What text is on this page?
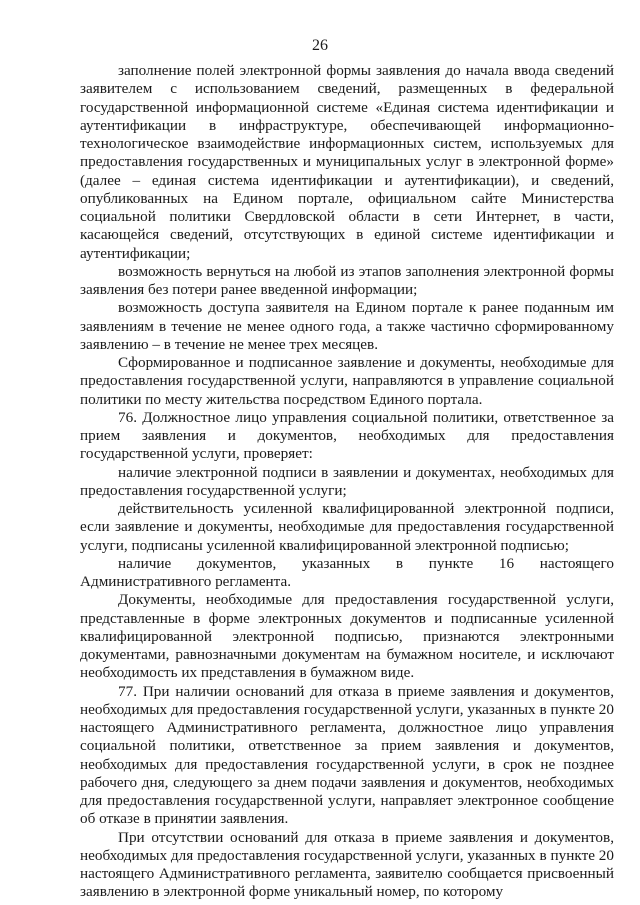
26

заполнение полей электронной формы заявления до начала ввода сведений заявителем с использованием сведений, размещенных в федеральной государственной информационной системе «Единая система идентификации и аутентификации в инфраструктуре, обеспечивающей информационно-технологическое взаимодействие информационных систем, используемых для предоставления государственных и муниципальных услуг в электронной форме» (далее – единая система идентификации и аутентификации), и сведений, опубликованных на Едином портале, официальном сайте Министерства социальной политики Свердловской области в сети Интернет, в части, касающейся сведений, отсутствующих в единой системе идентификации и аутентификации;

возможность вернуться на любой из этапов заполнения электронной формы заявления без потери ранее введенной информации;

возможность доступа заявителя на Едином портале к ранее поданным им заявлениям в течение не менее одного года, а также частично сформированному заявлению – в течение не менее трех месяцев.

Сформированное и подписанное заявление и документы, необходимые для предоставления государственной услуги, направляются в управление социальной политики по месту жительства посредством Единого портала.

76. Должностное лицо управления социальной политики, ответственное за прием заявления и документов, необходимых для предоставления государственной услуги, проверяет:

наличие электронной подписи в заявлении и документах, необходимых для предоставления государственной услуги;

действительность усиленной квалифицированной электронной подписи, если заявление и документы, необходимые для предоставления государственной услуги, подписаны усиленной квалифицированной электронной подписью;

наличие документов, указанных в пункте 16 настоящего Административного регламента.

Документы, необходимые для предоставления государственной услуги, представленные в форме электронных документов и подписанные усиленной квалифицированной электронной подписью, признаются электронными документами, равнозначными документам на бумажном носителе, и исключают необходимость их представления в бумажном виде.

77. При наличии оснований для отказа в приеме заявления и документов, необходимых для предоставления государственной услуги, указанных в пункте 20 настоящего Административного регламента, должностное лицо управления социальной политики, ответственное за прием заявления и документов, необходимых для предоставления государственной услуги, в срок не позднее рабочего дня, следующего за днем подачи заявления и документов, необходимых для предоставления государственной услуги, направляет электронное сообщение об отказе в принятии заявления.

При отсутствии оснований для отказа в приеме заявления и документов, необходимых для предоставления государственной услуги, указанных в пункте 20 настоящего Административного регламента, заявителю сообщается присвоенный заявлению в электронной форме уникальный номер, по которому
